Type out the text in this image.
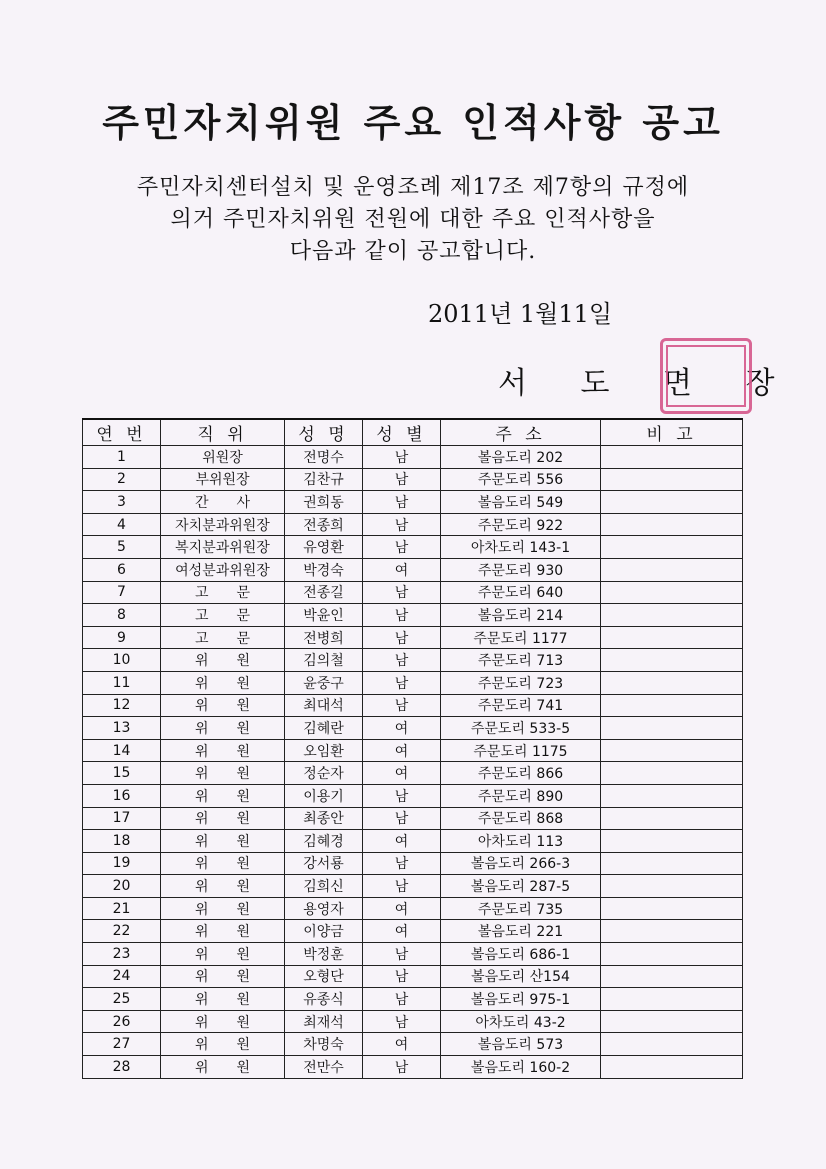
주민자치위원 주요 인적사항 공고
주민자치센터설치 및 운영조례 제17조 제7항의 규정에
의거 주민자치위원 전원에 대한 주요 인적사항을
다음과 같이 공고합니다.
2011년 1월11일
서 도 면 장
연 번	직 위	성 명	성 별	주 소	비 고
1	위원장	전명수	남	볼음도리 202	
2	부위원장	김찬규	남	주문도리 556	
3	간　　사	권희동	남	볼음도리 549	
4	자치분과위원장	전종희	남	주문도리 922	
5	복지분과위원장	유영환	남	아차도리 143-1	
6	여성분과위원장	박경숙	여	주문도리 930	
7	고　　문	전종길	남	주문도리 640	
8	고　　문	박윤인	남	볼음도리 214	
9	고　　문	전병희	남	주문도리 1177	
10	위　　원	김의철	남	주문도리 713	
11	위　　원	윤중구	남	주문도리 723	
12	위　　원	최대석	남	주문도리 741	
13	위　　원	김혜란	여	주문도리 533-5	
14	위　　원	오임환	여	주문도리 1175	
15	위　　원	정순자	여	주문도리 866	
16	위　　원	이용기	남	주문도리 890	
17	위　　원	최종안	남	주문도리 868	
18	위　　원	김혜경	여	아차도리 113	
19	위　　원	강서룡	남	볼음도리 266-3	
20	위　　원	김희신	남	볼음도리 287-5	
21	위　　원	용영자	여	주문도리 735	
22	위　　원	이양금	여	볼음도리 221	
23	위　　원	박정훈	남	볼음도리 686-1	
24	위　　원	오형단	남	볼음도리 산154	
25	위　　원	유종식	남	볼음도리 975-1	
26	위　　원	최재석	남	아차도리 43-2	
27	위　　원	차명숙	여	볼음도리 573	
28	위　　원	전만수	남	볼음도리 160-2	
